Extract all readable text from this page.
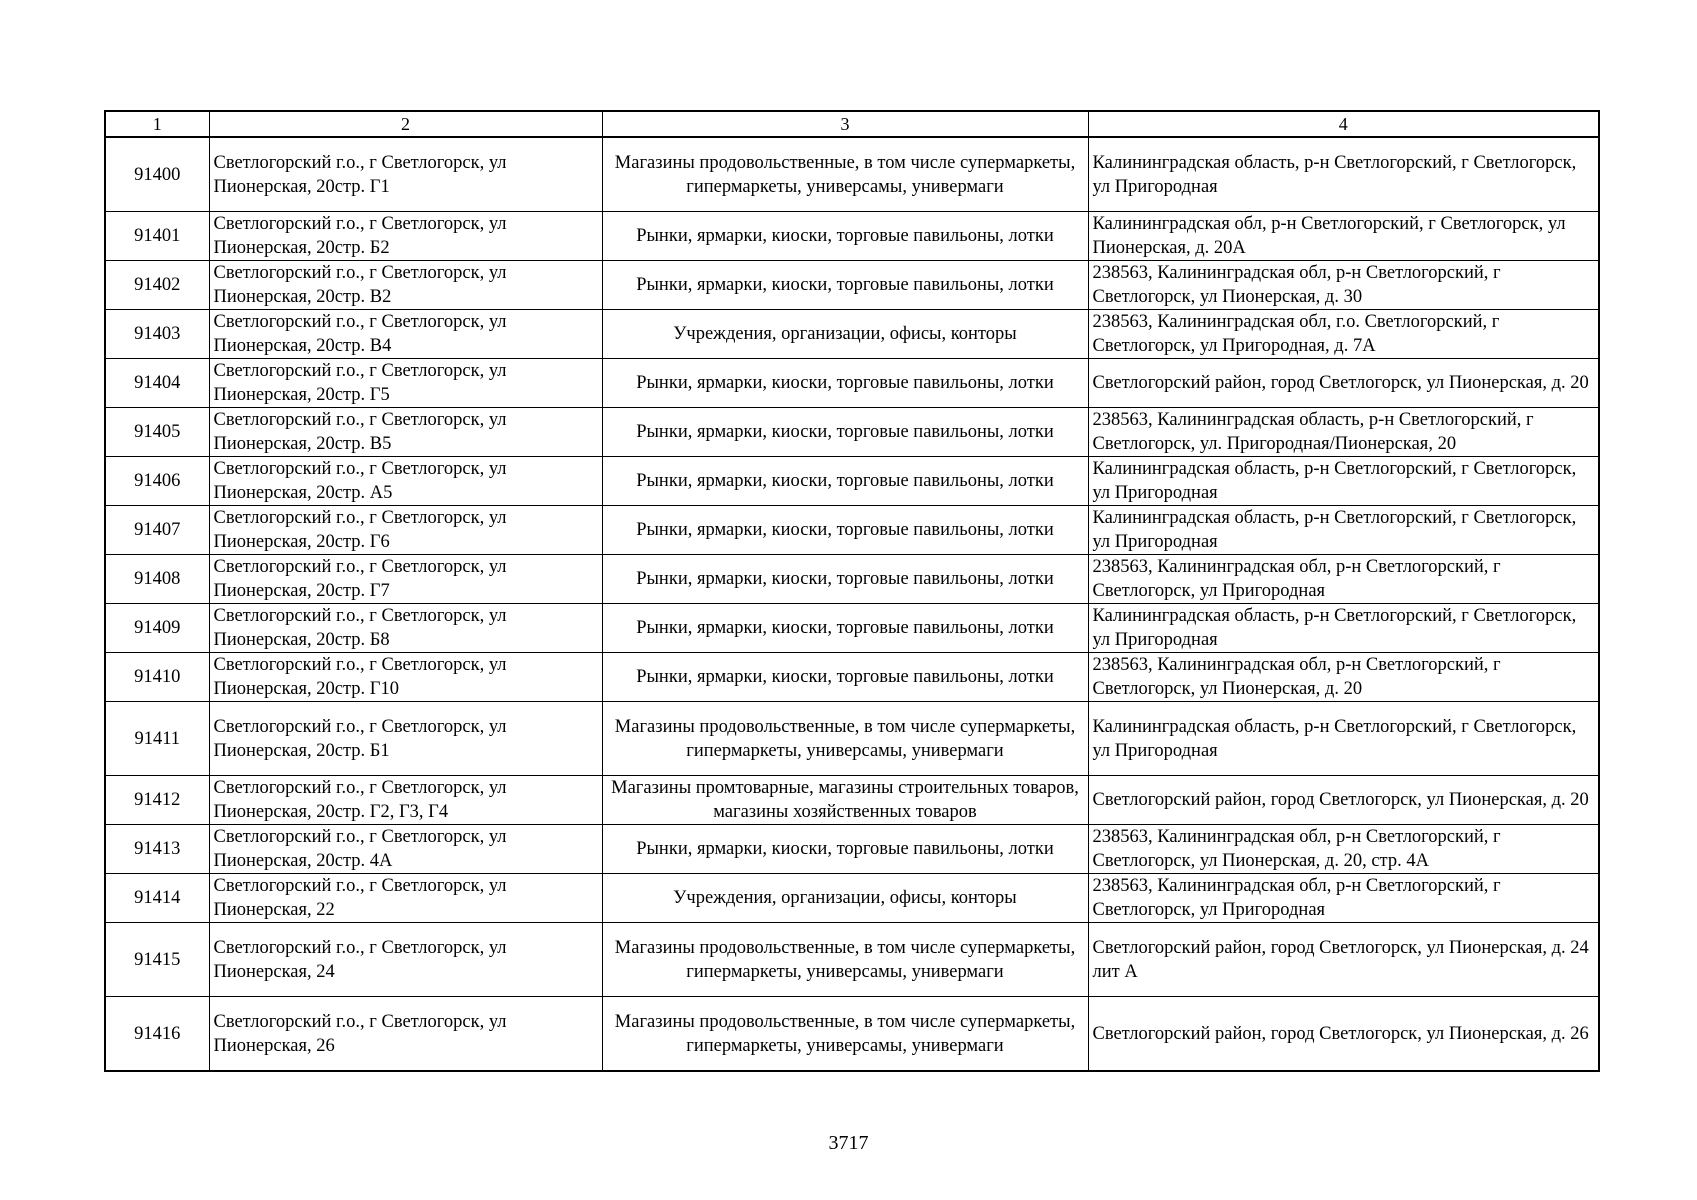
1	2	3	4
91400	Светлогорский г.о., г Светлогорск, ул Пионерская, 20стр. Г1	Магазины продовольственные, в том числе супермаркеты, гипермаркеты, универсамы, универмаги	Калининградская область, р-н Светлогорский, г Светлогорск, ул Пригородная
91401	Светлогорский г.о., г Светлогорск, ул Пионерская, 20стр. Б2	Рынки, ярмарки, киоски, торговые павильоны, лотки	Калининградская обл, р-н Светлогорский, г Светлогорск, ул Пионерская, д. 20А
91402	Светлогорский г.о., г Светлогорск, ул Пионерская, 20стр. В2	Рынки, ярмарки, киоски, торговые павильоны, лотки	238563, Калининградская обл, р-н Светлогорский, г Светлогорск, ул Пионерская, д. 30
91403	Светлогорский г.о., г Светлогорск, ул Пионерская, 20стр. В4	Учреждения, организации, офисы, конторы	238563, Калининградская обл, г.о. Светлогорский, г Светлогорск, ул Пригородная, д. 7А
91404	Светлогорский г.о., г Светлогорск, ул Пионерская, 20стр. Г5	Рынки, ярмарки, киоски, торговые павильоны, лотки	Светлогорский район, город Светлогорск, ул Пионерская, д. 20
91405	Светлогорский г.о., г Светлогорск, ул Пионерская, 20стр. В5	Рынки, ярмарки, киоски, торговые павильоны, лотки	238563, Калининградская область, р-н Светлогорский, г Светлогорск, ул. Пригородная/Пионерская, 20
91406	Светлогорский г.о., г Светлогорск, ул Пионерская, 20стр. А5	Рынки, ярмарки, киоски, торговые павильоны, лотки	Калининградская область, р-н Светлогорский, г Светлогорск, ул Пригородная
91407	Светлогорский г.о., г Светлогорск, ул Пионерская, 20стр. Г6	Рынки, ярмарки, киоски, торговые павильоны, лотки	Калининградская область, р-н Светлогорский, г Светлогорск, ул Пригородная
91408	Светлогорский г.о., г Светлогорск, ул Пионерская, 20стр. Г7	Рынки, ярмарки, киоски, торговые павильоны, лотки	238563, Калининградская обл, р-н Светлогорский, г Светлогорск, ул Пригородная
91409	Светлогорский г.о., г Светлогорск, ул Пионерская, 20стр. Б8	Рынки, ярмарки, киоски, торговые павильоны, лотки	Калининградская область, р-н Светлогорский, г Светлогорск, ул Пригородная
91410	Светлогорский г.о., г Светлогорск, ул Пионерская, 20стр. Г10	Рынки, ярмарки, киоски, торговые павильоны, лотки	238563, Калининградская обл, р-н Светлогорский, г Светлогорск, ул Пионерская, д. 20
91411	Светлогорский г.о., г Светлогорск, ул Пионерская, 20стр. Б1	Магазины продовольственные, в том числе супермаркеты, гипермаркеты, универсамы, универмаги	Калининградская область, р-н Светлогорский, г Светлогорск, ул Пригородная
91412	Светлогорский г.о., г Светлогорск, ул Пионерская, 20стр. Г2, Г3, Г4	Магазины промтоварные, магазины строительных товаров, магазины хозяйственных товаров	Светлогорский район, город Светлогорск, ул Пионерская, д. 20
91413	Светлогорский г.о., г Светлогорск, ул Пионерская, 20стр. 4А	Рынки, ярмарки, киоски, торговые павильоны, лотки	238563, Калининградская обл, р-н Светлогорский, г Светлогорск, ул Пионерская, д. 20, стр. 4А
91414	Светлогорский г.о., г Светлогорск, ул Пионерская, 22	Учреждения, организации, офисы, конторы	238563, Калининградская обл, р-н Светлогорский, г Светлогорск, ул Пригородная
91415	Светлогорский г.о., г Светлогорск, ул Пионерская, 24	Магазины продовольственные, в том числе супермаркеты, гипермаркеты, универсамы, универмаги	Светлогорский район, город Светлогорск, ул Пионерская, д. 24 лит А
91416	Светлогорский г.о., г Светлогорск, ул Пионерская, 26	Магазины продовольственные, в том числе супермаркеты, гипермаркеты, универсамы, универмаги	Светлогорский район, город Светлогорск, ул Пионерская, д. 26
3717
